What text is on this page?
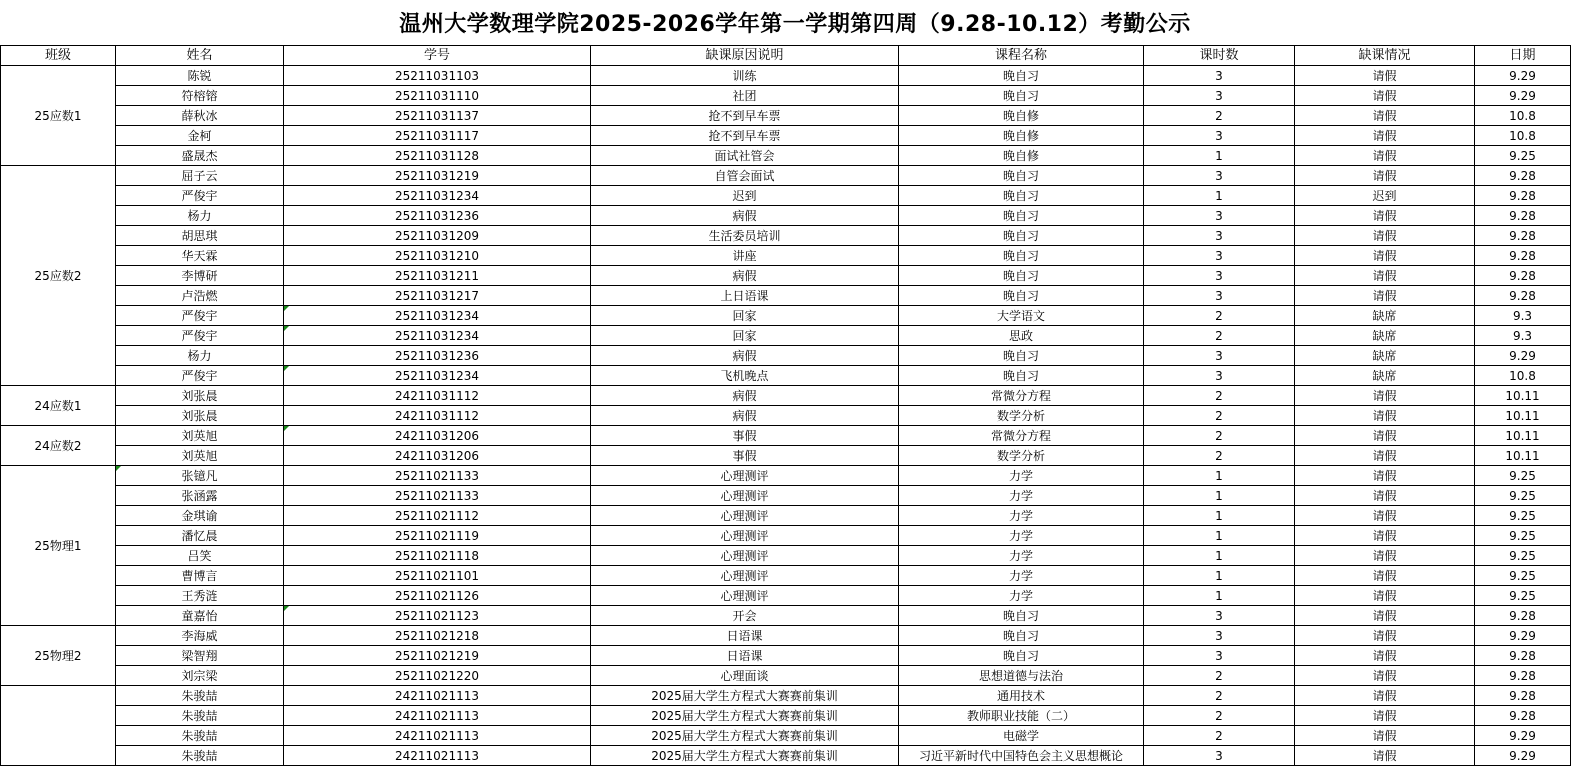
温州大学数理学院2025-2026学年第一学期第四周（9.28-10.12）考勤公示
班级	姓名	学号	缺课原因说明	课程名称	课时数	缺课情况	日期
25应数1	陈锐	25211031103	训练	晚自习	3	请假	9.29
	符榕镕	25211031110	社团	晚自习	3	请假	9.29
	薛秋冰	25211031137	抢不到早车票	晚自修	2	请假	10.8
	金柯	25211031117	抢不到早车票	晚自修	3	请假	10.8
	盛晟杰	25211031128	面试社管会	晚自修	1	请假	9.25
25应数2	屈子云	25211031219	自管会面试	晚自习	3	请假	9.28
	严俊宇	25211031234	迟到	晚自习	1	迟到	9.28
	杨力	25211031236	病假	晚自习	3	请假	9.28
	胡思琪	25211031209	生活委员培训	晚自习	3	请假	9.28
	华天霖	25211031210	讲座	晚自习	3	请假	9.28
	李博研	25211031211	病假	晚自习	3	请假	9.28
	卢浩燃	25211031217	上日语课	晚自习	3	请假	9.28
	严俊宇	25211031234	回家	大学语文	2	缺席	9.3
	严俊宇	25211031234	回家	思政	2	缺席	9.3
	杨力	25211031236	病假	晚自习	3	缺席	9.29
	严俊宇	25211031234	飞机晚点	晚自习	3	缺席	10.8
24应数1	刘张晨	24211031112	病假	常微分方程	2	请假	10.11
	刘张晨	24211031112	病假	数学分析	2	请假	10.11
24应数2	刘英旭	24211031206	事假	常微分方程	2	请假	10.11
	刘英旭	24211031206	事假	数学分析	2	请假	10.11
25物理1	张镱凡	25211021133	心理测评	力学	1	请假	9.25
	张涵露	25211021133	心理测评	力学	1	请假	9.25
	金琪谕	25211021112	心理测评	力学	1	请假	9.25
	潘忆晨	25211021119	心理测评	力学	1	请假	9.25
	吕笑	25211021118	心理测评	力学	1	请假	9.25
	曹博言	25211021101	心理测评	力学	1	请假	9.25
	王秀涟	25211021126	心理测评	力学	1	请假	9.25
	童嘉怡	25211021123	开会	晚自习	3	请假	9.28
25物理2	李海威	25211021218	日语课	晚自习	3	请假	9.29
	梁智翔	25211021219	日语课	晚自习	3	请假	9.28
	刘宗梁	25211021220	心理面谈	思想道德与法治	2	请假	9.28
	朱骏喆	24211021113	2025届大学生方程式大赛赛前集训	通用技术	2	请假	9.28
	朱骏喆	24211021113	2025届大学生方程式大赛赛前集训	教师职业技能（二）	2	请假	9.28
	朱骏喆	24211021113	2025届大学生方程式大赛赛前集训	电磁学	2	请假	9.29
	朱骏喆	24211021113	2025届大学生方程式大赛赛前集训	习近平新时代中国特色会主义思想概论	3	请假	9.29
